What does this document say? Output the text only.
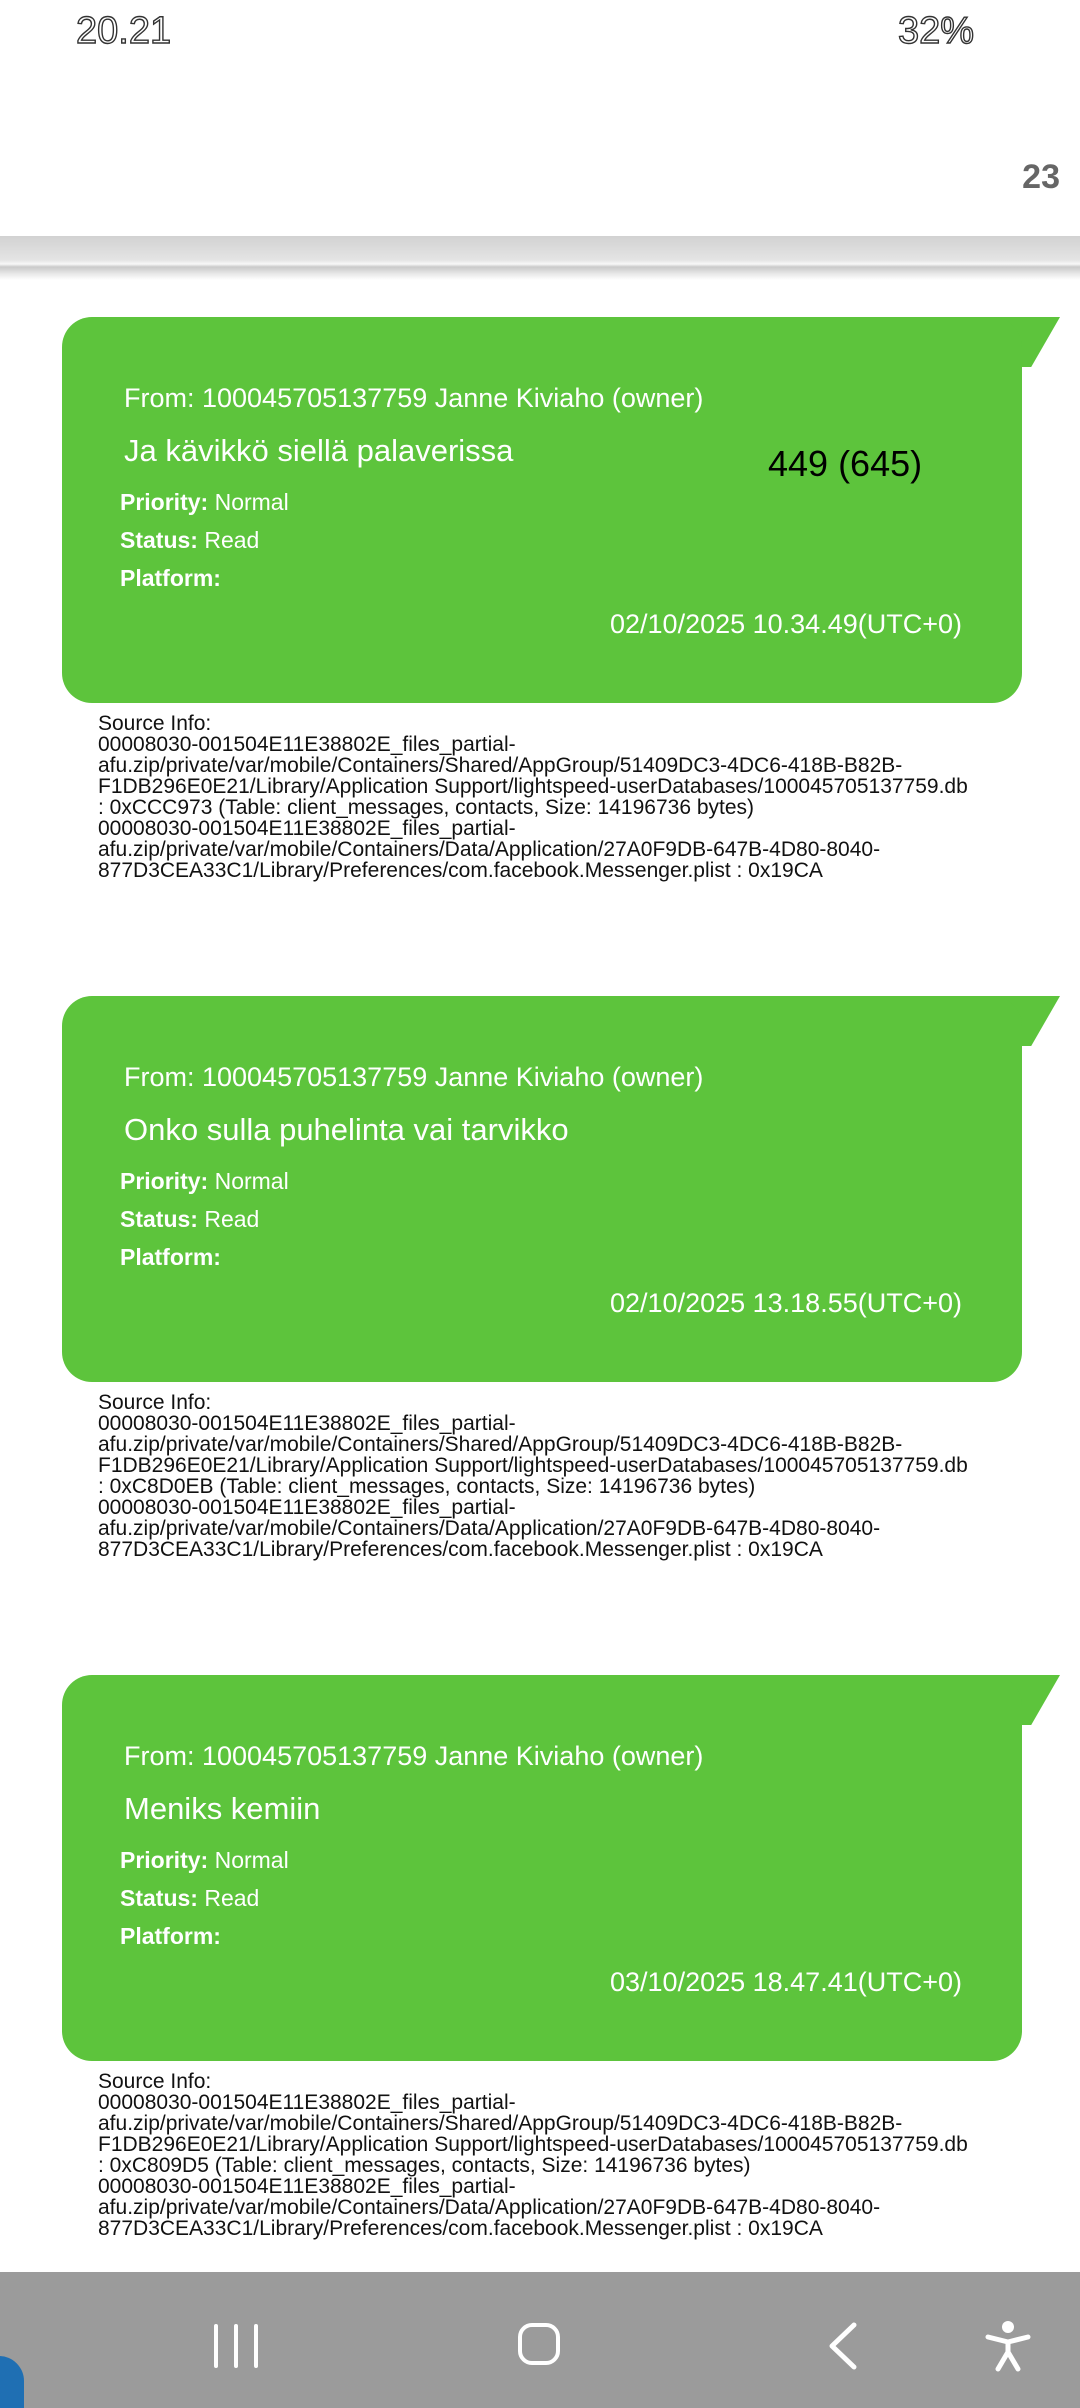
20.21	32%
23
From: 100045705137759 Janne Kiviaho (owner)
Ja kävikkö siellä palaverissa	449 (645)
Priority: Normal
Status: Read
Platform:
02/10/2025 10.34.49(UTC+0)
Source Info:
00008030-001504E11E38802E_files_partial-
afu.zip/private/var/mobile/Containers/Shared/AppGroup/51409DC3-4DC6-418B-B82B-
F1DB296E0E21/Library/Application Support/lightspeed-userDatabases/100045705137759.db
: 0xCCC973 (Table: client_messages, contacts, Size: 14196736 bytes)
00008030-001504E11E38802E_files_partial-
afu.zip/private/var/mobile/Containers/Data/Application/27A0F9DB-647B-4D80-8040-
877D3CEA33C1/Library/Preferences/com.facebook.Messenger.plist : 0x19CA
From: 100045705137759 Janne Kiviaho (owner)
Onko sulla puhelinta vai tarvikko
Priority: Normal
Status: Read
Platform:
02/10/2025 13.18.55(UTC+0)
Source Info:
00008030-001504E11E38802E_files_partial-
afu.zip/private/var/mobile/Containers/Shared/AppGroup/51409DC3-4DC6-418B-B82B-
F1DB296E0E21/Library/Application Support/lightspeed-userDatabases/100045705137759.db
: 0xC8D0EB (Table: client_messages, contacts, Size: 14196736 bytes)
00008030-001504E11E38802E_files_partial-
afu.zip/private/var/mobile/Containers/Data/Application/27A0F9DB-647B-4D80-8040-
877D3CEA33C1/Library/Preferences/com.facebook.Messenger.plist : 0x19CA
From: 100045705137759 Janne Kiviaho (owner)
Meniks kemiin
Priority: Normal
Status: Read
Platform:
03/10/2025 18.47.41(UTC+0)
Source Info:
00008030-001504E11E38802E_files_partial-
afu.zip/private/var/mobile/Containers/Shared/AppGroup/51409DC3-4DC6-418B-B82B-
F1DB296E0E21/Library/Application Support/lightspeed-userDatabases/100045705137759.db
: 0xC809D5 (Table: client_messages, contacts, Size: 14196736 bytes)
00008030-001504E11E38802E_files_partial-
afu.zip/private/var/mobile/Containers/Data/Application/27A0F9DB-647B-4D80-8040-
877D3CEA33C1/Library/Preferences/com.facebook.Messenger.plist : 0x19CA
